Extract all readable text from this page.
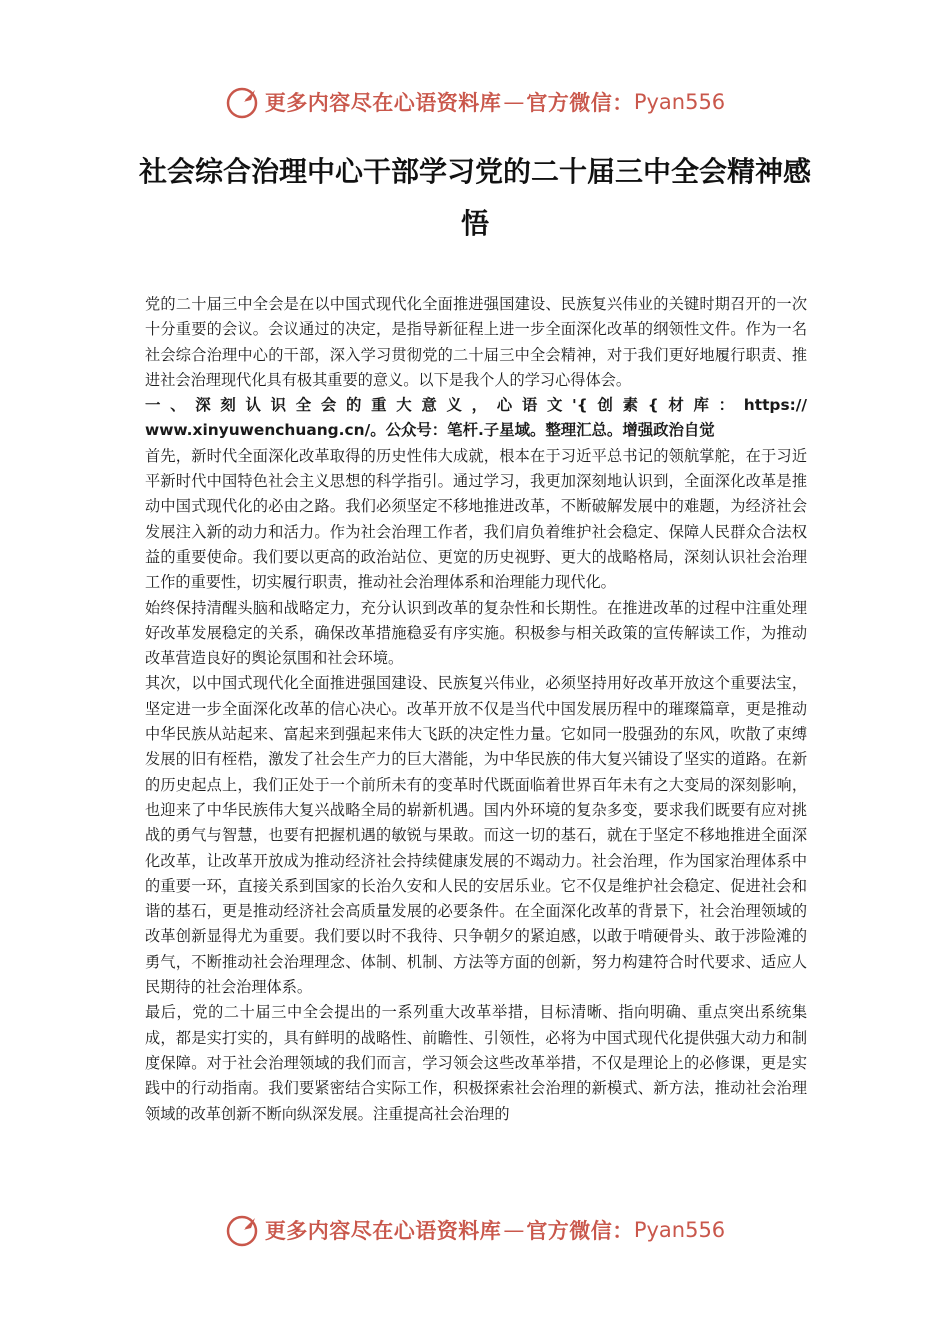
更多内容尽在心语资料库 — 官方微信： Pyan556
社会综合治理中心干部学习党的二十届三中全会精神感悟

党的二十届三中全会是在以中国式现代化全面推进强国建设、民族复兴伟业的关键时期召开的一次十分重要的会议。会议通过的决定，是指导新征程上进一步全面深化改革的纲领性文件。作为一名社会综合治理中心的干部，深入学习贯彻党的二十届三中全会精神，对于我们更好地履行职责、推进社会治理现代化具有极其重要的意义。以下是我个人的学习心得体会。

一、深刻认识全会的重大意义，心语文'{创素{材库：https://
www.xinyuwenchuang.cn/。公众号：笔杆.子星域。整理汇总。增强政治自觉

首先，新时代全面深化改革取得的历史性伟大成就，根本在于习近平总书记的领航掌舵，在于习近平新时代中国特色社会主义思想的科学指引。通过学习，我更加深刻地认识到，全面深化改革是推动中国式现代化的必由之路。我们必须坚定不移地推进改革，不断破解发展中的难题，为经济社会发展注入新的动力和活力。作为社会治理工作者，我们肩负着维护社会稳定、保障人民群众合法权益的重要使命。我们要以更高的政治站位、更宽的历史视野、更大的战略格局，深刻认识社会治理工作的重要性，切实履行职责，推动社会治理体系和治理能力现代化。

始终保持清醒头脑和战略定力，充分认识到改革的复杂性和长期性。在推进改革的过程中注重处理好改革发展稳定的关系，确保改革措施稳妥有序实施。积极参与相关政策的宣传解读工作，为推动改革营造良好的舆论氛围和社会环境。

其次，以中国式现代化全面推进强国建设、民族复兴伟业，必须坚持用好改革开放这个重要法宝，坚定进一步全面深化改革的信心决心。改革开放不仅是当代中国发展历程中的璀璨篇章，更是推动中华民族从站起来、富起来到强起来伟大飞跃的决定性力量。它如同一股强劲的东风，吹散了束缚发展的旧有桎梏，激发了社会生产力的巨大潜能，为中华民族的伟大复兴铺设了坚实的道路。在新的历史起点上，我们正处于一个前所未有的变革时代既面临着世界百年未有之大变局的深刻影响，也迎来了中华民族伟大复兴战略全局的崭新机遇。国内外环境的复杂多变，要求我们既要有应对挑战的勇气与智慧，也要有把握机遇的敏锐与果敢。而这一切的基石，就在于坚定不移地推进全面深化改革，让改革开放成为推动经济社会持续健康发展的不竭动力。社会治理，作为国家治理体系中的重要一环，直接关系到国家的长治久安和人民的安居乐业。它不仅是维护社会稳定、促进社会和谐的基石，更是推动经济社会高质量发展的必要条件。在全面深化改革的背景下，社会治理领域的改革创新显得尤为重要。我们要以时不我待、只争朝夕的紧迫感，以敢于啃硬骨头、敢于涉险滩的勇气，不断推动社会治理理念、体制、机制、方法等方面的创新，努力构建符合时代要求、适应人民期待的社会治理体系。

最后，党的二十届三中全会提出的一系列重大改革举措，目标清晰、指向明确、重点突出系统集成，都是实打实的，具有鲜明的战略性、前瞻性、引领性，必将为中国式现代化提供强大动力和制度保障。对于社会治理领域的我们而言，学习领会这些改革举措，不仅是理论上的必修课，更是实践中的行动指南。我们要紧密结合实际工作，积极探索社会治理的新模式、新方法，推动社会治理领域的改革创新不断向纵深发展。注重提高社会治理的

更多内容尽在心语资料库 — 官方微信： Pyan556
